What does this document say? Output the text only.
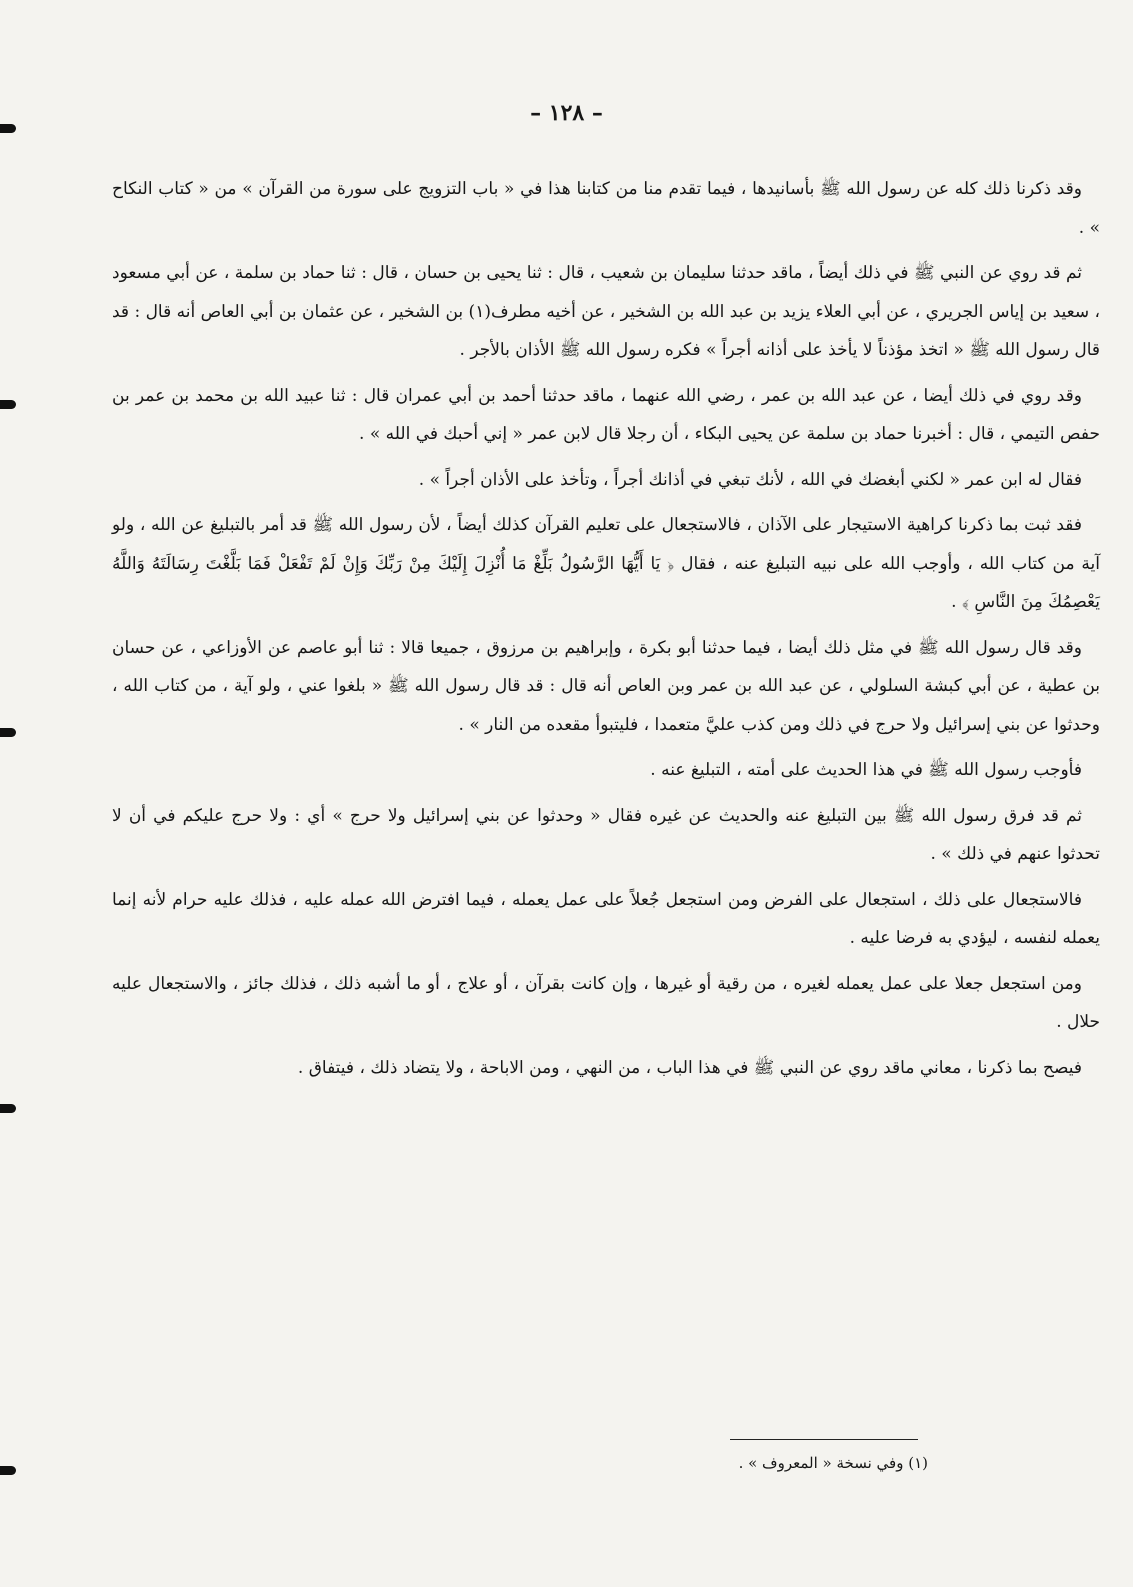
– ١٢٨ –

وقد ذكرنا ذلك كله عن رسول الله ﷺ بأسانيدها ، فيما تقدم منا من كتابنا هذا في « باب التزويج على سورة من القرآن » من « كتاب النكاح » .

ثم قد روي عن النبي ﷺ في ذلك أيضاً ، ماقد حدثنا سليمان بن شعيب ، قال : ثنا يحيى بن حسان ، قال : ثنا حماد بن سلمة ، عن أبي مسعود ، سعيد بن إياس الجريري ، عن أبي العلاء يزيد بن عبد الله بن الشخير ، عن أخيه مطرف(١) بن الشخير ، عن عثمان بن أبي العاص أنه قال : قد قال رسول الله ﷺ « اتخذ مؤذناً لا يأخذ على أذانه أجراً » فكره رسول الله ﷺ الأذان بالأجر .

وقد روي في ذلك أيضا ، عن عبد الله بن عمر ، رضي الله عنهما ، ماقد حدثنا أحمد بن أبي عمران قال : ثنا عبيد الله بن محمد بن عمر بن حفص التيمي ، قال : أخبرنا حماد بن سلمة عن يحيى البكاء ، أن رجلا قال لابن عمر « إني أحبك في الله » .

فقال له ابن عمر « لكني أبغضك في الله ، لأنك تبغي في أذانك أجراً ، وتأخذ على الأذان أجراً » .

فقد ثبت بما ذكرنا كراهية الاستيجار على الآذان ، فالاستجعال على تعليم القرآن كذلك أيضاً ، لأن رسول الله ﷺ قد أمر بالتبليغ عن الله ، ولو آية من كتاب الله ، وأوجب الله على نبيه التبليغ عنه ، فقال ﴿ يَا أَيُّهَا الرَّسُولُ بَلِّغْ مَا أُنْزِلَ إِلَيْكَ مِنْ رَبِّكَ وَإِنْ لَمْ تَفْعَلْ فَمَا بَلَّغْتَ رِسَالَتَهُ وَاللَّهُ يَعْصِمُكَ مِنَ النَّاسِ ﴾ .

وقد قال رسول الله ﷺ في مثل ذلك أيضا ، فيما حدثنا أبو بكرة ، وإبراهيم بن مرزوق ، جميعا قالا : ثنا أبو عاصم عن الأوزاعي ، عن حسان بن عطية ، عن أبي كبشة السلولي ، عن عبد الله بن عمر وبن العاص أنه قال : قد قال رسول الله ﷺ « بلغوا عني ، ولو آية ، من كتاب الله ، وحدثوا عن بني إسرائيل ولا حرج في ذلك ومن كذب عليَّ متعمدا ، فليتبوأ مقعده من النار » .

فأوجب رسول الله ﷺ في هذا الحديث على أمته ، التبليغ عنه .

ثم قد فرق رسول الله ﷺ بين التبليغ عنه والحديث عن غيره فقال « وحدثوا عن بني إسرائيل ولا حرج » أي : ولا حرج عليكم في أن لا تحدثوا عنهم في ذلك » .

فالاستجعال على ذلك ، استجعال على الفرض ومن استجعل جُعلاً على عمل يعمله ، فيما افترض الله عمله عليه ، فذلك عليه حرام لأنه إنما يعمله لنفسه ، ليؤدي به فرضا عليه .

ومن استجعل جعلا على عمل يعمله لغيره ، من رقية أو غيرها ، وإن كانت بقرآن ، أو علاج ، أو ما أشبه ذلك ، فذلك جائز ، والاستجعال عليه حلال .

فيصح بما ذكرنا ، معاني ماقد روي عن النبي ﷺ في هذا الباب ، من النهي ، ومن الاباحة ، ولا يتضاد ذلك ، فيتفاق .

(١) وفي نسخة « المعروف » .
